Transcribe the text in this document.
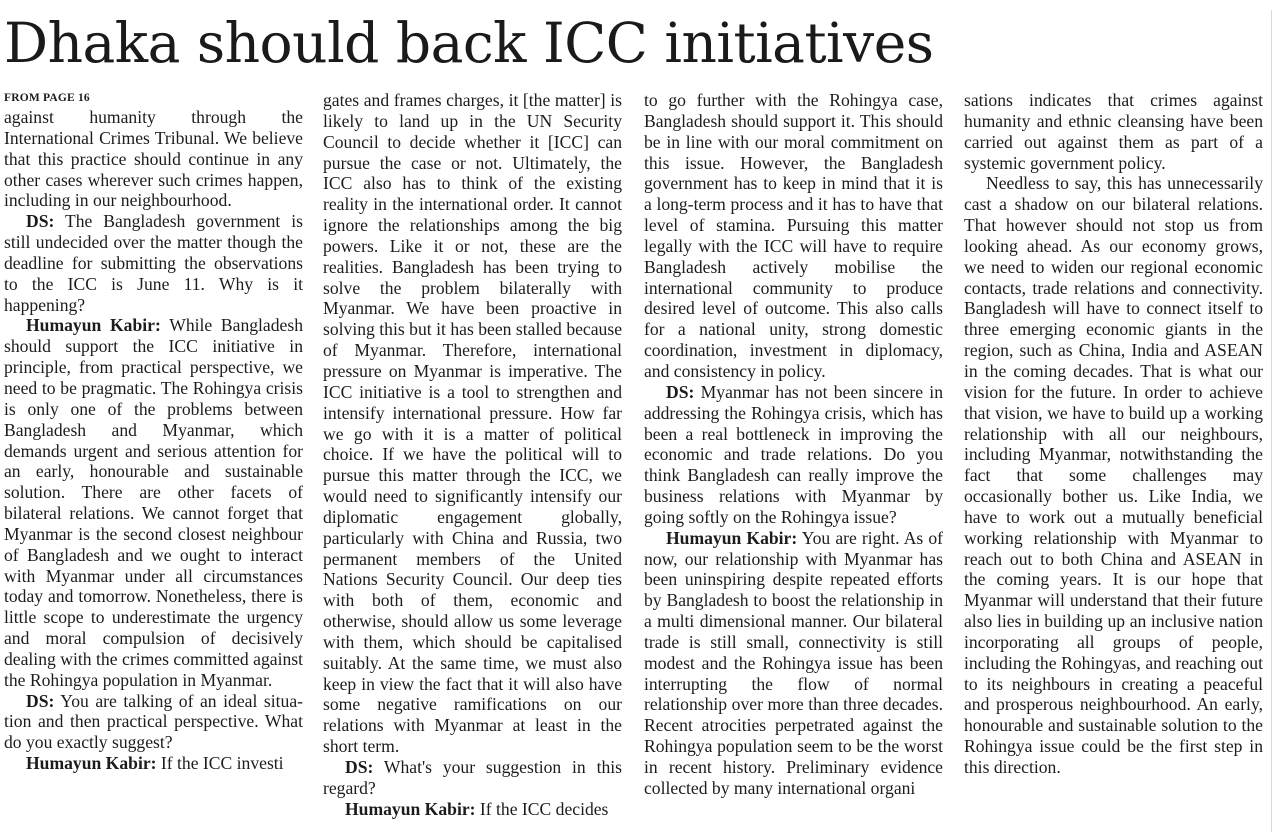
Dhaka should back ICC initiatives
FROM PAGE 16

against humanity through the International Crimes Tribunal. We believe that this practice should continue in any other cases wherever such crimes happen, including in our neighbourhood.

DS: The Bangladesh government is still undecided over the matter though the deadline for submitting the observations to the ICC is June 11. Why is it happening?

Humayun Kabir: While Bangladesh should support the ICC initiative in principle, from practical perspective, we need to be pragmatic. The Rohingya crisis is only one of the problems between Bangladesh and Myanmar, which demands urgent and serious attention for an early, honourable and sustainable solution. There are other facets of bilateral relations. We cannot forget that Myanmar is the second closest neighbour of Bangladesh and we ought to interact with Myanmar under all circumstances today and tomorrow. Nonetheless, there is little scope to underestimate the urgency and moral compulsion of decisively dealing with the crimes committed against the Rohingya population in Myanmar.

DS: You are talking of an ideal situation and then practical perspective. What do you exactly suggest?

Humayun Kabir: If the ICC investi

gates and frames charges, it [the matter] is likely to land up in the UN Security Council to decide whether it [ICC] can pursue the case or not. Ultimately, the ICC also has to think of the existing reality in the international order. It cannot ignore the relationships among the big powers. Like it or not, these are the realities. Bangladesh has been trying to solve the problem bilaterally with Myanmar. We have been proactive in solving this but it has been stalled because of Myanmar. Therefore, international pressure on Myanmar is imperative. The ICC initiative is a tool to strengthen and intensify international pressure. How far we go with it is a matter of political choice. If we have the political will to pursue this matter through the ICC, we would need to significantly intensify our diplomatic engagement globally, particularly with China and Russia, two permanent members of the United Nations Security Council. Our deep ties with both of them, economic and otherwise, should allow us some leverage with them, which should be capitalised suitably. At the same time, we must also keep in view the fact that it will also have some negative ramifications on our relations with Myanmar at least in the short term.

DS: What's your suggestion in this regard?

Humayun Kabir: If the ICC decides

to go further with the Rohingya case, Bangladesh should support it. This should be in line with our moral commitment on this issue. However, the Bangladesh government has to keep in mind that it is a long-term process and it has to have that level of stamina. Pursuing this matter legally with the ICC will have to require Bangladesh actively mobilise the international community to produce desired level of outcome. This also calls for a national unity, strong domestic coordination, investment in diplomacy, and consistency in policy.

DS: Myanmar has not been sincere in addressing the Rohingya crisis, which has been a real bottleneck in improving the economic and trade relations. Do you think Bangladesh can really improve the business relations with Myanmar by going softly on the Rohingya issue?

Humayun Kabir: You are right. As of now, our relationship with Myanmar has been uninspiring despite repeated efforts by Bangladesh to boost the relationship in a multi dimensional manner. Our bilateral trade is still small, connectivity is still modest and the Rohingya issue has been interrupting the flow of normal relationship over more than three decades. Recent atrocities perpetrated against the Rohingya population seem to be the worst in recent history. Preliminary evidence collected by many international organi

sations indicates that crimes against humanity and ethnic cleansing have been carried out against them as part of a systemic government policy.

Needless to say, this has unnecessarily cast a shadow on our bilateral relations. That however should not stop us from looking ahead. As our economy grows, we need to widen our regional economic contacts, trade relations and connectivity. Bangladesh will have to connect itself to three emerging economic giants in the region, such as China, India and ASEAN in the coming decades. That is what our vision for the future. In order to achieve that vision, we have to build up a working relationship with all our neighbours, including Myanmar, notwithstanding the fact that some challenges may occasionally bother us. Like India, we have to work out a mutually beneficial working relationship with Myanmar to reach out to both China and ASEAN in the coming years. It is our hope that Myanmar will understand that their future also lies in building up an inclusive nation incorporating all groups of people, including the Rohingyas, and reaching out to its neighbours in creating a peaceful and prosperous neighbourhood. An early, honourable and sustainable solution to the Rohingya issue could be the first step in this direction.
